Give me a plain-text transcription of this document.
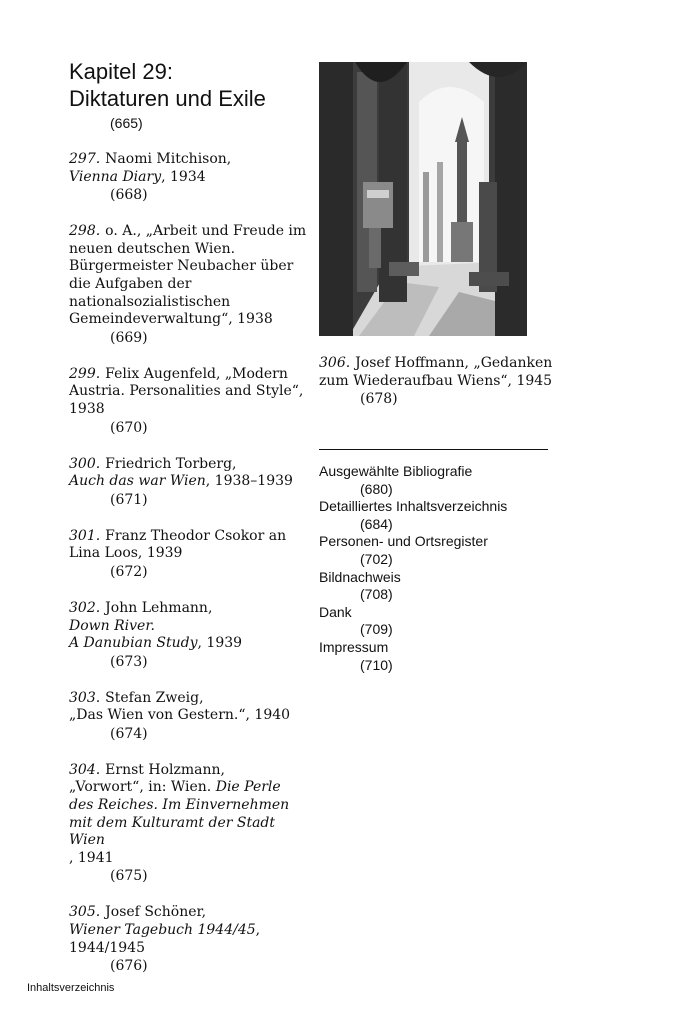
Kapitel 29:
Diktaturen und Exile
(665)
297. Naomi Mitchison,
Vienna Diary, 1934
(668)
298. o. A., „Arbeit und Freude im neuen deutschen Wien. Bürgermeister Neubacher über die Aufgaben der nationalsozialistischen Gemeindeverwaltung“, 1938
(669)
299. Felix Augenfeld, „Modern Austria. Personalities and Style“, 1938
(670)
300. Friedrich Torberg,
Auch das war Wien, 1938–1939
(671)
301. Franz Theodor Csokor an Lina Loos, 1939
(672)
302. John Lehmann,
Down River.
A Danubian Study, 1939
(673)
303. Stefan Zweig,
„Das Wien von Gestern.“, 1940
(674)
304. Ernst Holzmann,
„Vorwort“, in: Wien. Die Perle des Reiches. Im Einvernehmen mit dem Kulturamt der Stadt Wien
, 1941
(675)
305. Josef Schöner,
Wiener Tagebuch 1944/45,
1944/1945
(676)
306. Josef Hoffmann, „Gedanken zum Wiederaufbau Wiens“, 1945
(678)
Ausgewählte Bibliografie
(680)
Detailliertes Inhaltsverzeichnis
(684)
Personen- und Ortsregister
(702)
Bildnachweis
(708)
Dank
(709)
Impressum
(710)
Inhaltsverzeichnis
